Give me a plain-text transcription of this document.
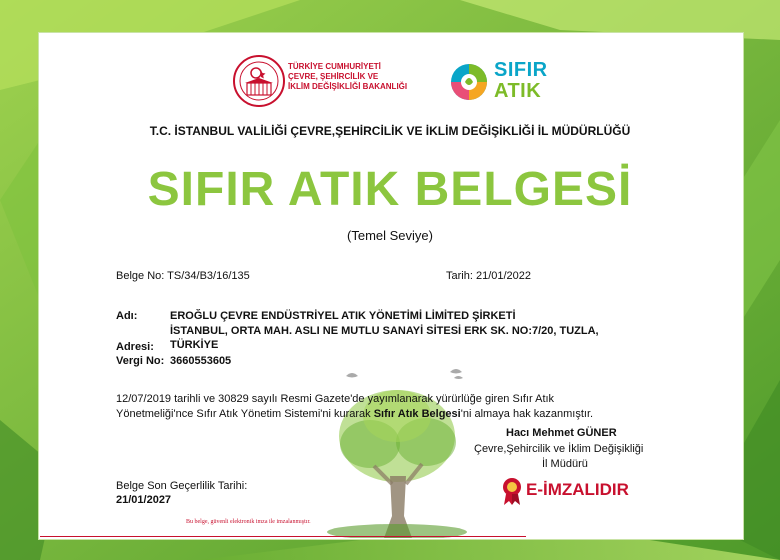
TÜRKİYE CUMHURİYETİ
ÇEVRE, ŞEHİRCİLİK VE
İKLİM DEĞİŞİKLİĞİ BAKANLIĞI
SIFIR
ATIK
T.C. İSTANBUL VALİLİĞİ ÇEVRE,ŞEHİRCİLİK VE İKLİM DEĞİŞİKLİĞİ İL MÜDÜRLÜĞÜ
SIFIR ATIK BELGESİ
(Temel Seviye)
Belge No: TS/34/B3/16/135	Tarih: 21/01/2022
Adı:	EROĞLU ÇEVRE ENDÜSTRİYEL ATIK YÖNETİMİ LİMİTED ŞİRKETİ
İSTANBUL, ORTA MAH. ASLI NE MUTLU SANAYİ SİTESİ ERK SK. NO:7/20, TUZLA,
Adresi: TÜRKİYE
Vergi No: 3660553605
12/07/2019 tarihli ve 30829 sayılı Resmi Gazete'de yayımlanarak yürürlüğe giren Sıfır Atık
Yönetmeliği'nce Sıfır Atık Yönetim Sistemi'ni kurarak Sıfır Atık Belgesi'ni almaya hak kazanmıştır.
Hacı Mehmet GÜNER
Çevre,Şehircilik ve İklim Değişikliği
İl Müdürü
Belge Son Geçerlilik Tarihi:
21/01/2027
E-İMZALIDIR
Bu belge, güvenli elektronik imza ile imzalanmıştır.
